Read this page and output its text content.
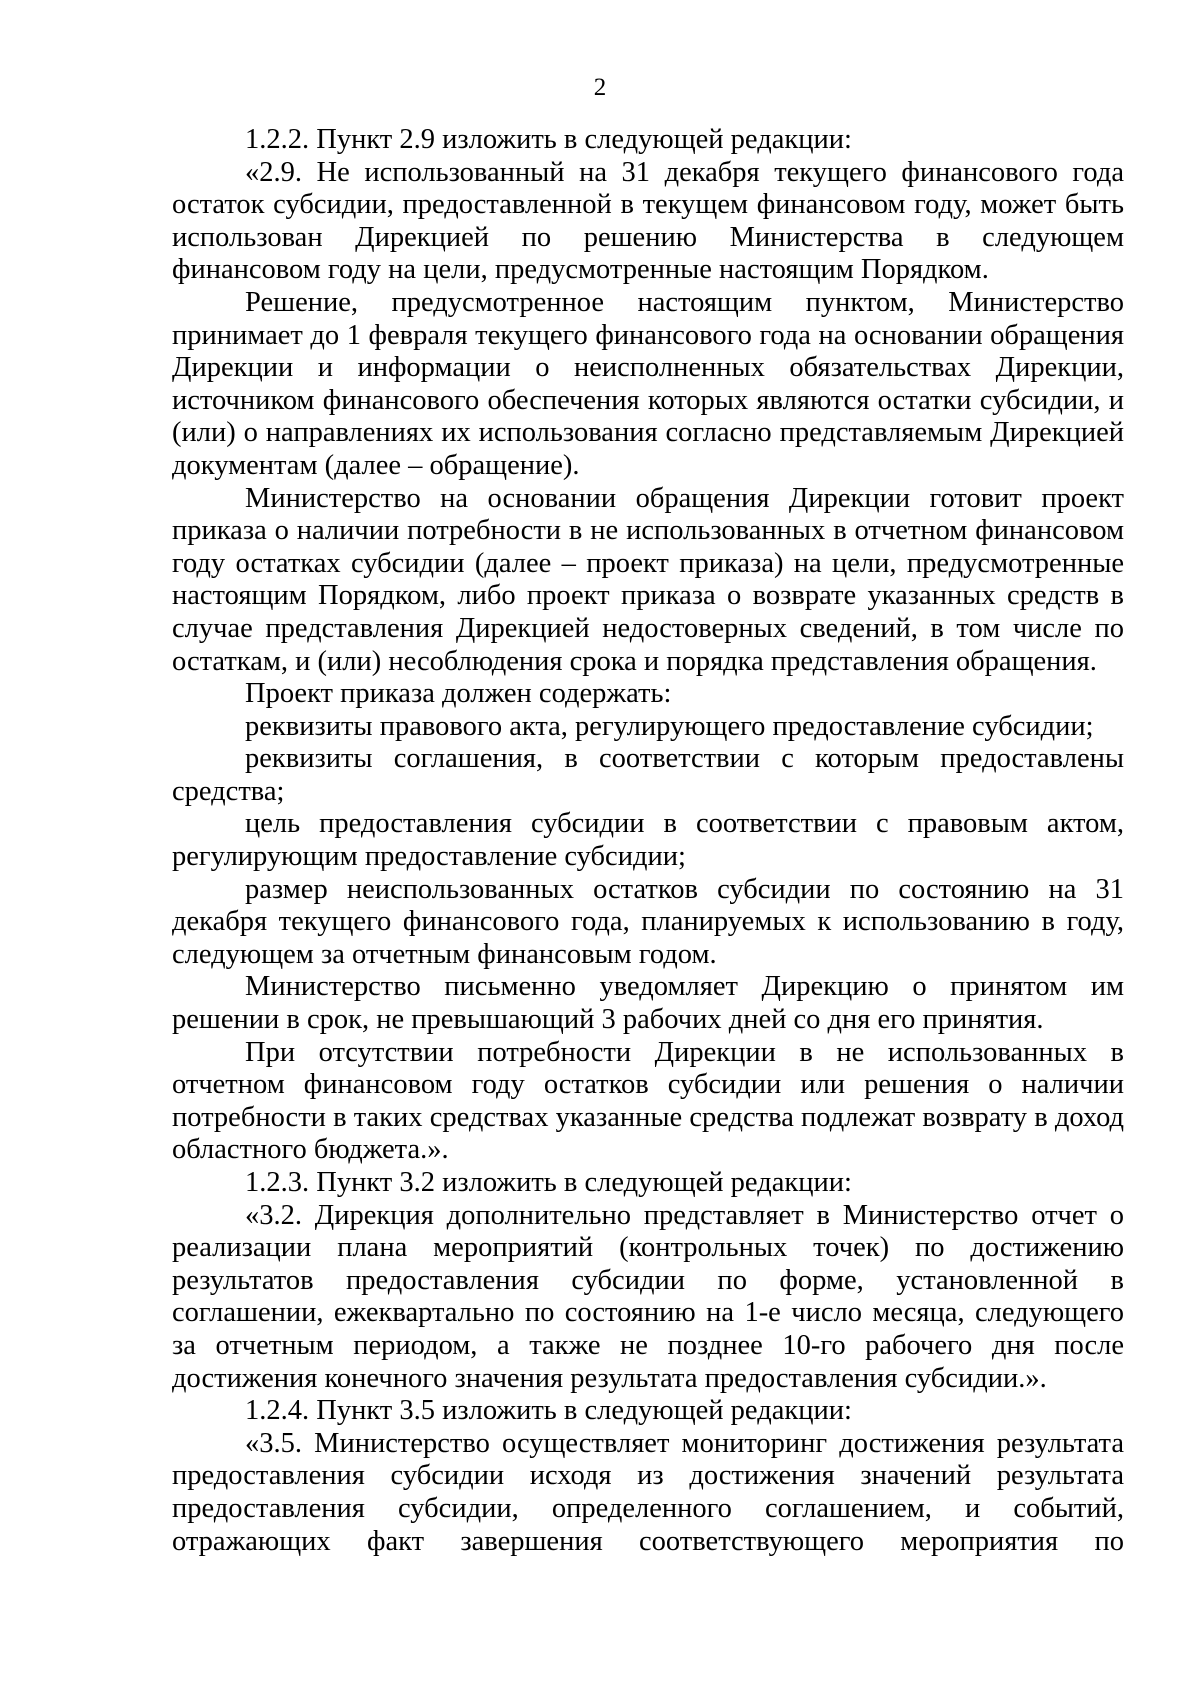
2

1.2.2. Пункт 2.9 изложить в следующей редакции:

«2.9. Не использованный на 31 декабря текущего финансового года остаток субсидии, предоставленной в текущем финансовом году, может быть использован Дирекцией по решению Министерства в следующем финансовом году на цели, предусмотренные настоящим Порядком.

Решение, предусмотренное настоящим пунктом, Министерство принимает до 1 февраля текущего финансового года на основании обращения Дирекции и информации о неисполненных обязательствах Дирекции, источником финансового обеспечения которых являются остатки субсидии, и (или) о направлениях их использования согласно представляемым Дирекцией документам (далее – обращение).

Министерство на основании обращения Дирекции готовит проект приказа о наличии потребности в не использованных в отчетном финансовом году остатках субсидии (далее – проект приказа) на цели, предусмотренные настоящим Порядком, либо проект приказа о возврате указанных средств в случае представления Дирекцией недостоверных сведений, в том числе по остаткам, и (или) несоблюдения срока и порядка представления обращения.

Проект приказа должен содержать:

реквизиты правового акта, регулирующего предоставление субсидии;

реквизиты соглашения, в соответствии с которым предоставлены средства;

цель предоставления субсидии в соответствии с правовым актом, регулирующим предоставление субсидии;

размер неиспользованных остатков субсидии по состоянию на 31 декабря текущего финансового года, планируемых к использованию в году, следующем за отчетным финансовым годом.

Министерство письменно уведомляет Дирекцию о принятом им решении в срок, не превышающий 3 рабочих дней со дня его принятия.

При отсутствии потребности Дирекции в не использованных в отчетном финансовом году остатков субсидии или решения о наличии потребности в таких средствах указанные средства подлежат возврату в доход областного бюджета.».

1.2.3. Пункт 3.2 изложить в следующей редакции:

«3.2. Дирекция дополнительно представляет в Министерство отчет о реализации плана мероприятий (контрольных точек) по достижению результатов предоставления субсидии по форме, установленной в соглашении, ежеквартально по состоянию на 1-е число месяца, следующего за отчетным периодом, а также не позднее 10-го рабочего дня после достижения конечного значения результата предоставления субсидии.».

1.2.4. Пункт 3.5 изложить в следующей редакции:

«3.5. Министерство осуществляет мониторинг достижения результата предоставления субсидии исходя из достижения значений результата предоставления субсидии, определенного соглашением, и событий, отражающих факт завершения соответствующего мероприятия по
